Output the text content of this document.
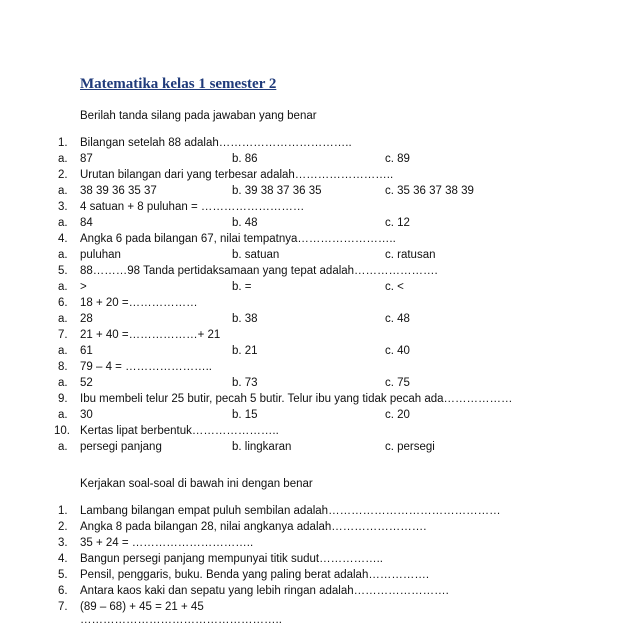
Matematika kelas 1 semester 2
Berilah tanda silang pada jawaban yang benar
1. Bilangan setelah 88 adalah……………………………..
a. 87	b. 86	c. 89
2. Urutan bilangan dari yang terbesar adalah……………………..
a. 38 39 36 35 37	b. 39 38 37 36 35	c. 35 36 37 38 39
3. 4 satuan + 8 puluhan = ………………………
a. 84	b. 48	c. 12
4. Angka 6 pada bilangan 67, nilai tempatnya……………………..
a. puluhan	b. satuan	c. ratusan
5. 88………98 Tanda pertidaksamaan yang tepat adalah………………….
a. >	b. =	c. <
6. 18 + 20 =………………
a. 28	b. 38	c. 48
7. 21 + 40 =………………+ 21
a. 61	b. 21	c. 40
8. 79 – 4 = …………………..
a. 52	b. 73	c. 75
9. Ibu membeli telur 25 butir, pecah 5 butir. Telur ibu yang tidak pecah ada………………
a. 30	b. 15	c. 20
10. Kertas lipat berbentuk…………………..
a. persegi panjang	b. lingkaran	c. persegi
Kerjakan soal-soal di bawah ini dengan benar
1. Lambang bilangan empat puluh sembilan adalah………………………………………
2. Angka 8 pada bilangan 28, nilai angkanya adalah…………………….
3. 35 + 24 = …………………………..
4. Bangun persegi panjang mempunyai titik sudut……………..
5. Pensil, penggaris, buku. Benda yang paling berat adalah…………….
6. Antara kaos kaki dan sepatu yang lebih ringan adalah…………………….
7. (89 – 68) + 45 = 21 + 45
……………………………………………..
